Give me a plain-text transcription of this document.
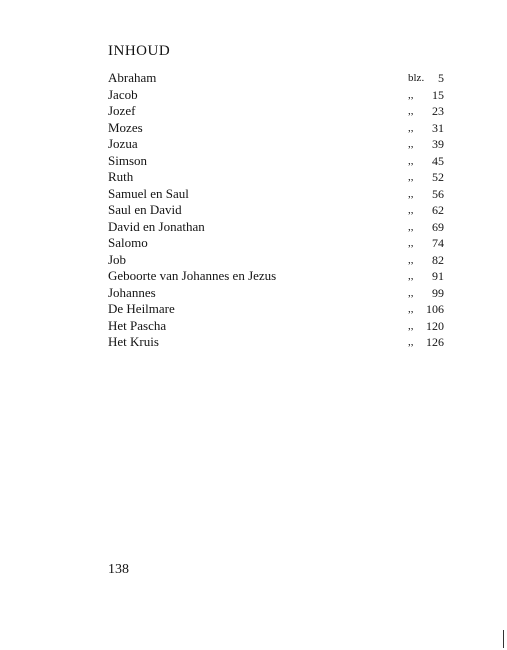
INHOUD
Abraham	blz. 5
Jacob	,, 15
Jozef	,, 23
Mozes	,, 31
Jozua	,, 39
Simson	,, 45
Ruth	,, 52
Samuel en Saul	,, 56
Saul en David	,, 62
David en Jonathan	,, 69
Salomo	,, 74
Job	,, 82
Geboorte van Johannes en Jezus	,, 91
Johannes	,, 99
De Heilmare	,, 106
Het Pascha	,, 120
Het Kruis	,, 126
138
